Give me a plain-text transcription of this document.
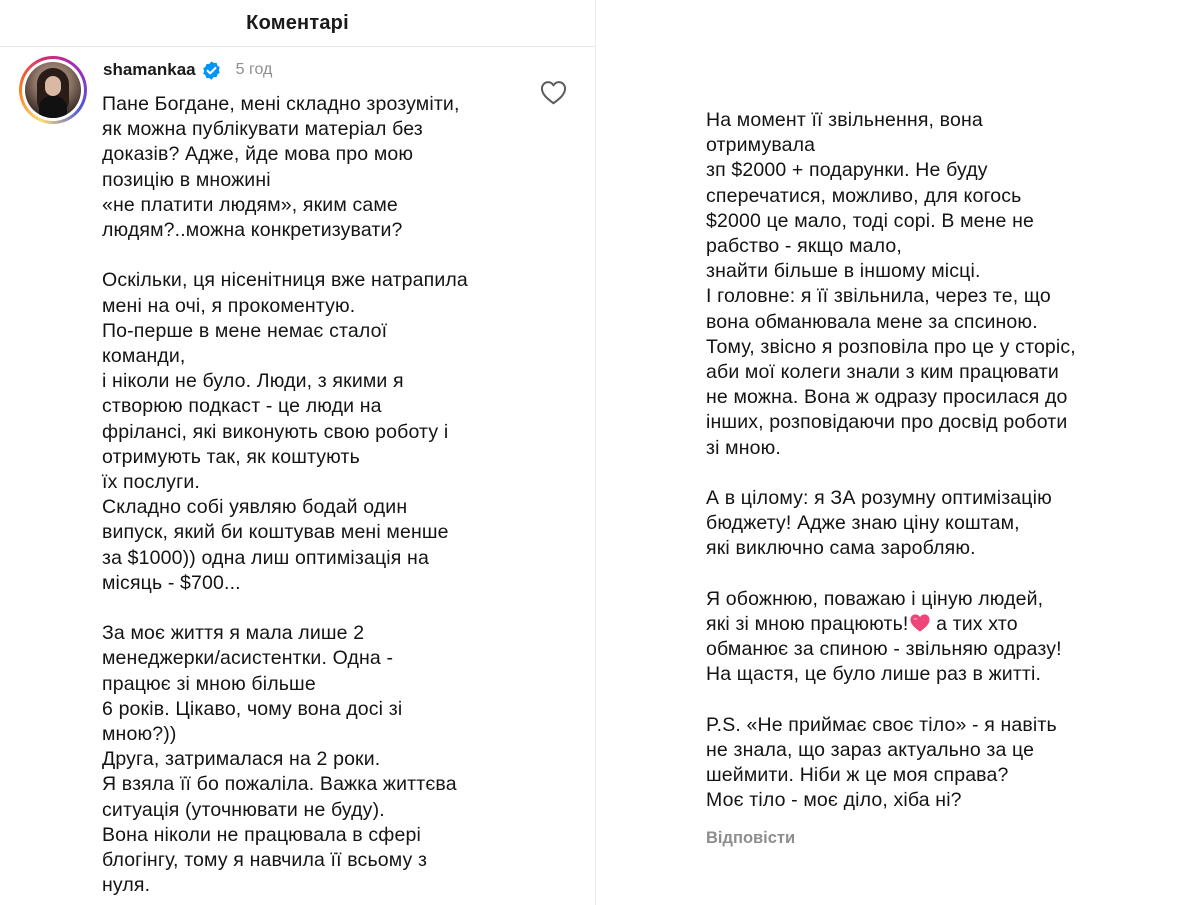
Коментарі
shamankaa	5 год
Пане Богдане, мені складно зрозуміти,
як можна публікувати матеріал без
доказів? Адже, йде мова про мою
позицію в множині
«не платити людям», яким саме
людям?..можна конкретизувати?

Оскільки, ця нісенітниця вже натрапила
мені на очі, я прокоментую.
По-перше в мене немає сталої
команди,
і ніколи не було. Люди, з якими я
створюю подкаст - це люди на
фрілансі, які виконують свою роботу і
отримують так, як коштують
їх послуги.
Складно собі уявляю бодай один
випуск, який би коштував мені менше
за $1000)) одна лиш оптимізація на
місяць - $700...

За моє життя я мала лише 2
менеджерки/асистентки. Одна -
працює зі мною більше
6 років. Цікаво, чому вона досі зі
мною?))
Друга, затрималася на 2 роки.
Я взяла її бо пожаліла. Важка життєва
ситуація (уточнювати не буду).
Вона ніколи не працювала в сфері
блогінгу, тому я навчила її всьому з
нуля.
На момент її звільнення, вона
отримувала
зп $2000 + подарунки. Не буду
сперечатися, можливо, для когось
$2000 це мало, тоді сорі. В мене не
рабство - якщо мало,
знайти більше в іншому місці.
І головне: я її звільнила, через те, що
вона обманювала мене за спсиною.
Тому, звісно я розповіла про це у сторіс,
аби мої колеги знали з ким працювати
не можна. Вона ж одразу просилася до
інших, розповідаючи про досвід роботи
зі мною.

А в цілому: я ЗА розумну оптимізацію
бюджету! Адже знаю ціну коштам,
які виключно сама заробляю.

Я обожнюю, поважаю і ціную людей,
які зі мною працюють! а тих хто
обманює за спиною - звільняю одразу!
На щастя, це було лише раз в житті.

P.S. «Не приймає своє тіло» - я навіть
не знала, що зараз актуально за це
шеймити. Ніби ж це моя справа?
Моє тіло - моє діло, хіба ні?
Відповісти
